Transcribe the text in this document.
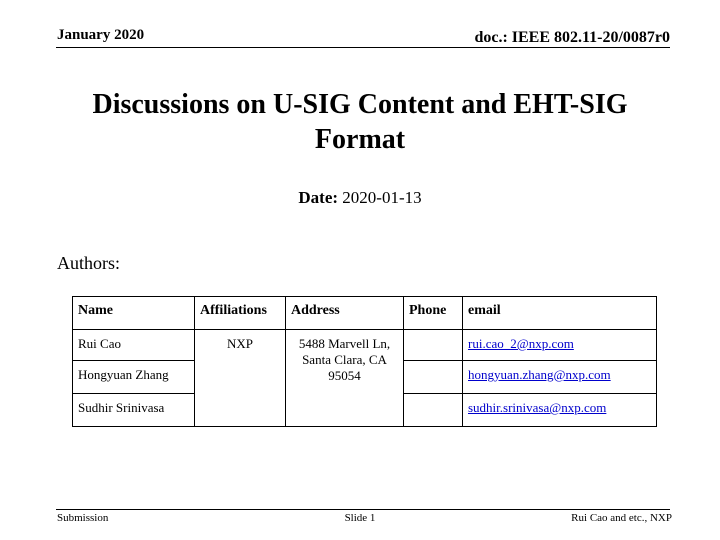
January 2020	doc.: IEEE 802.11-20/0087r0
Discussions on U-SIG Content and EHT-SIG Format
Date: 2020-01-13
Authors:
Name	Affiliations	Address	Phone	email
Rui Cao	NXP	5488 Marvell Ln, Santa Clara, CA 95054		rui.cao_2@nxp.com
Hongyuan Zhang				hongyuan.zhang@nxp.com
Sudhir Srinivasa				sudhir.srinivasa@nxp.com
Submission	Slide 1	Rui Cao and etc., NXP
